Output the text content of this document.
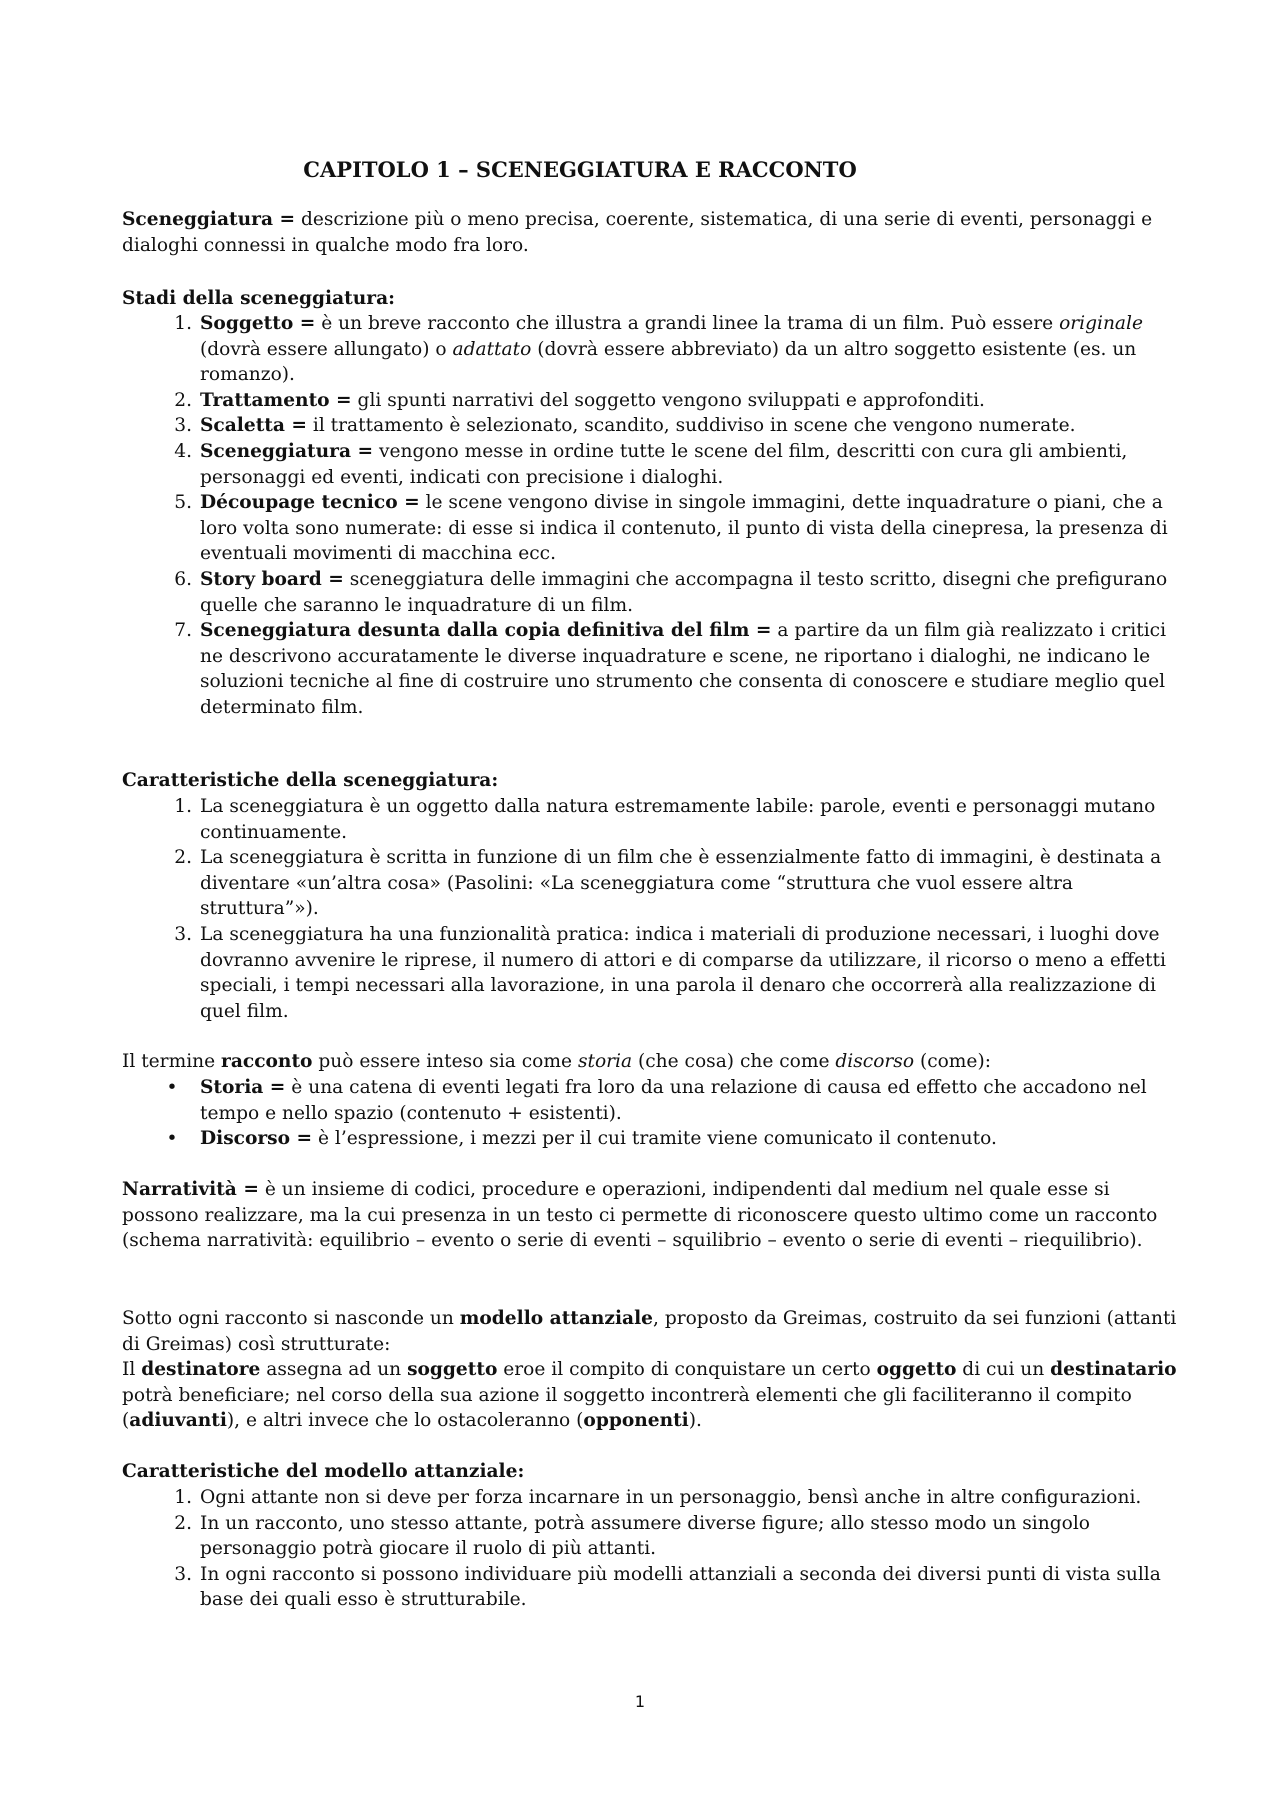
CAPITOLO 1 – SCENEGGIATURA E RACCONTO

Sceneggiatura = descrizione più o meno precisa, coerente, sistematica, di una serie di eventi, personaggi e dialoghi connessi in qualche modo fra loro.

Stadi della sceneggiatura:

1. Soggetto = è un breve racconto che illustra a grandi linee la trama di un film. Può essere originale (dovrà essere allungato) o adattato (dovrà essere abbreviato) da un altro soggetto esistente (es. un romanzo).
2. Trattamento = gli spunti narrativi del soggetto vengono sviluppati e approfonditi.
3. Scaletta = il trattamento è selezionato, scandito, suddiviso in scene che vengono numerate.
4. Sceneggiatura = vengono messe in ordine tutte le scene del film, descritti con cura gli ambienti, personaggi ed eventi, indicati con precisione i dialoghi.
5. Découpage tecnico = le scene vengono divise in singole immagini, dette inquadrature o piani, che a loro volta sono numerate: di esse si indica il contenuto, il punto di vista della cinepresa, la presenza di eventuali movimenti di macchina ecc.
6. Story board = sceneggiatura delle immagini che accompagna il testo scritto, disegni che prefigurano quelle che saranno le inquadrature di un film.
7. Sceneggiatura desunta dalla copia definitiva del film = a partire da un film già realizzato i critici ne descrivono accuratamente le diverse inquadrature e scene, ne riportano i dialoghi, ne indicano le soluzioni tecniche al fine di costruire uno strumento che consenta di conoscere e studiare meglio quel determinato film.

Caratteristiche della sceneggiatura:

1. La sceneggiatura è un oggetto dalla natura estremamente labile: parole, eventi e personaggi mutano continuamente.
2. La sceneggiatura è scritta in funzione di un film che è essenzialmente fatto di immagini, è destinata a diventare «un’altra cosa» (Pasolini: «La sceneggiatura come “struttura che vuol essere altra struttura”»).
3. La sceneggiatura ha una funzionalità pratica: indica i materiali di produzione necessari, i luoghi dove dovranno avvenire le riprese, il numero di attori e di comparse da utilizzare, il ricorso o meno a effetti speciali, i tempi necessari alla lavorazione, in una parola il denaro che occorrerà alla realizzazione di quel film.

Il termine racconto può essere inteso sia come storia (che cosa) che come discorso (come):

• Storia = è una catena di eventi legati fra loro da una relazione di causa ed effetto che accadono nel tempo e nello spazio (contenuto + esistenti).
• Discorso = è l’espressione, i mezzi per il cui tramite viene comunicato il contenuto.

Narratività = è un insieme di codici, procedure e operazioni, indipendenti dal medium nel quale esse si possono realizzare, ma la cui presenza in un testo ci permette di riconoscere questo ultimo come un racconto (schema narratività: equilibrio – evento o serie di eventi – squilibrio – evento o serie di eventi – riequilibrio).

Sotto ogni racconto si nasconde un modello attanziale, proposto da Greimas, costruito da sei funzioni (attanti di Greimas) così strutturate:
Il destinatore assegna ad un soggetto eroe il compito di conquistare un certo oggetto di cui un destinatario potrà beneficiare; nel corso della sua azione il soggetto incontrerà elementi che gli faciliteranno il compito (adiuvanti), e altri invece che lo ostacoleranno (opponenti).

Caratteristiche del modello attanziale:

1. Ogni attante non si deve per forza incarnare in un personaggio, bensì anche in altre configurazioni.
2. In un racconto, uno stesso attante, potrà assumere diverse figure; allo stesso modo un singolo personaggio potrà giocare il ruolo di più attanti.
3. In ogni racconto si possono individuare più modelli attanziali a seconda dei diversi punti di vista sulla base dei quali esso è strutturabile.
1
